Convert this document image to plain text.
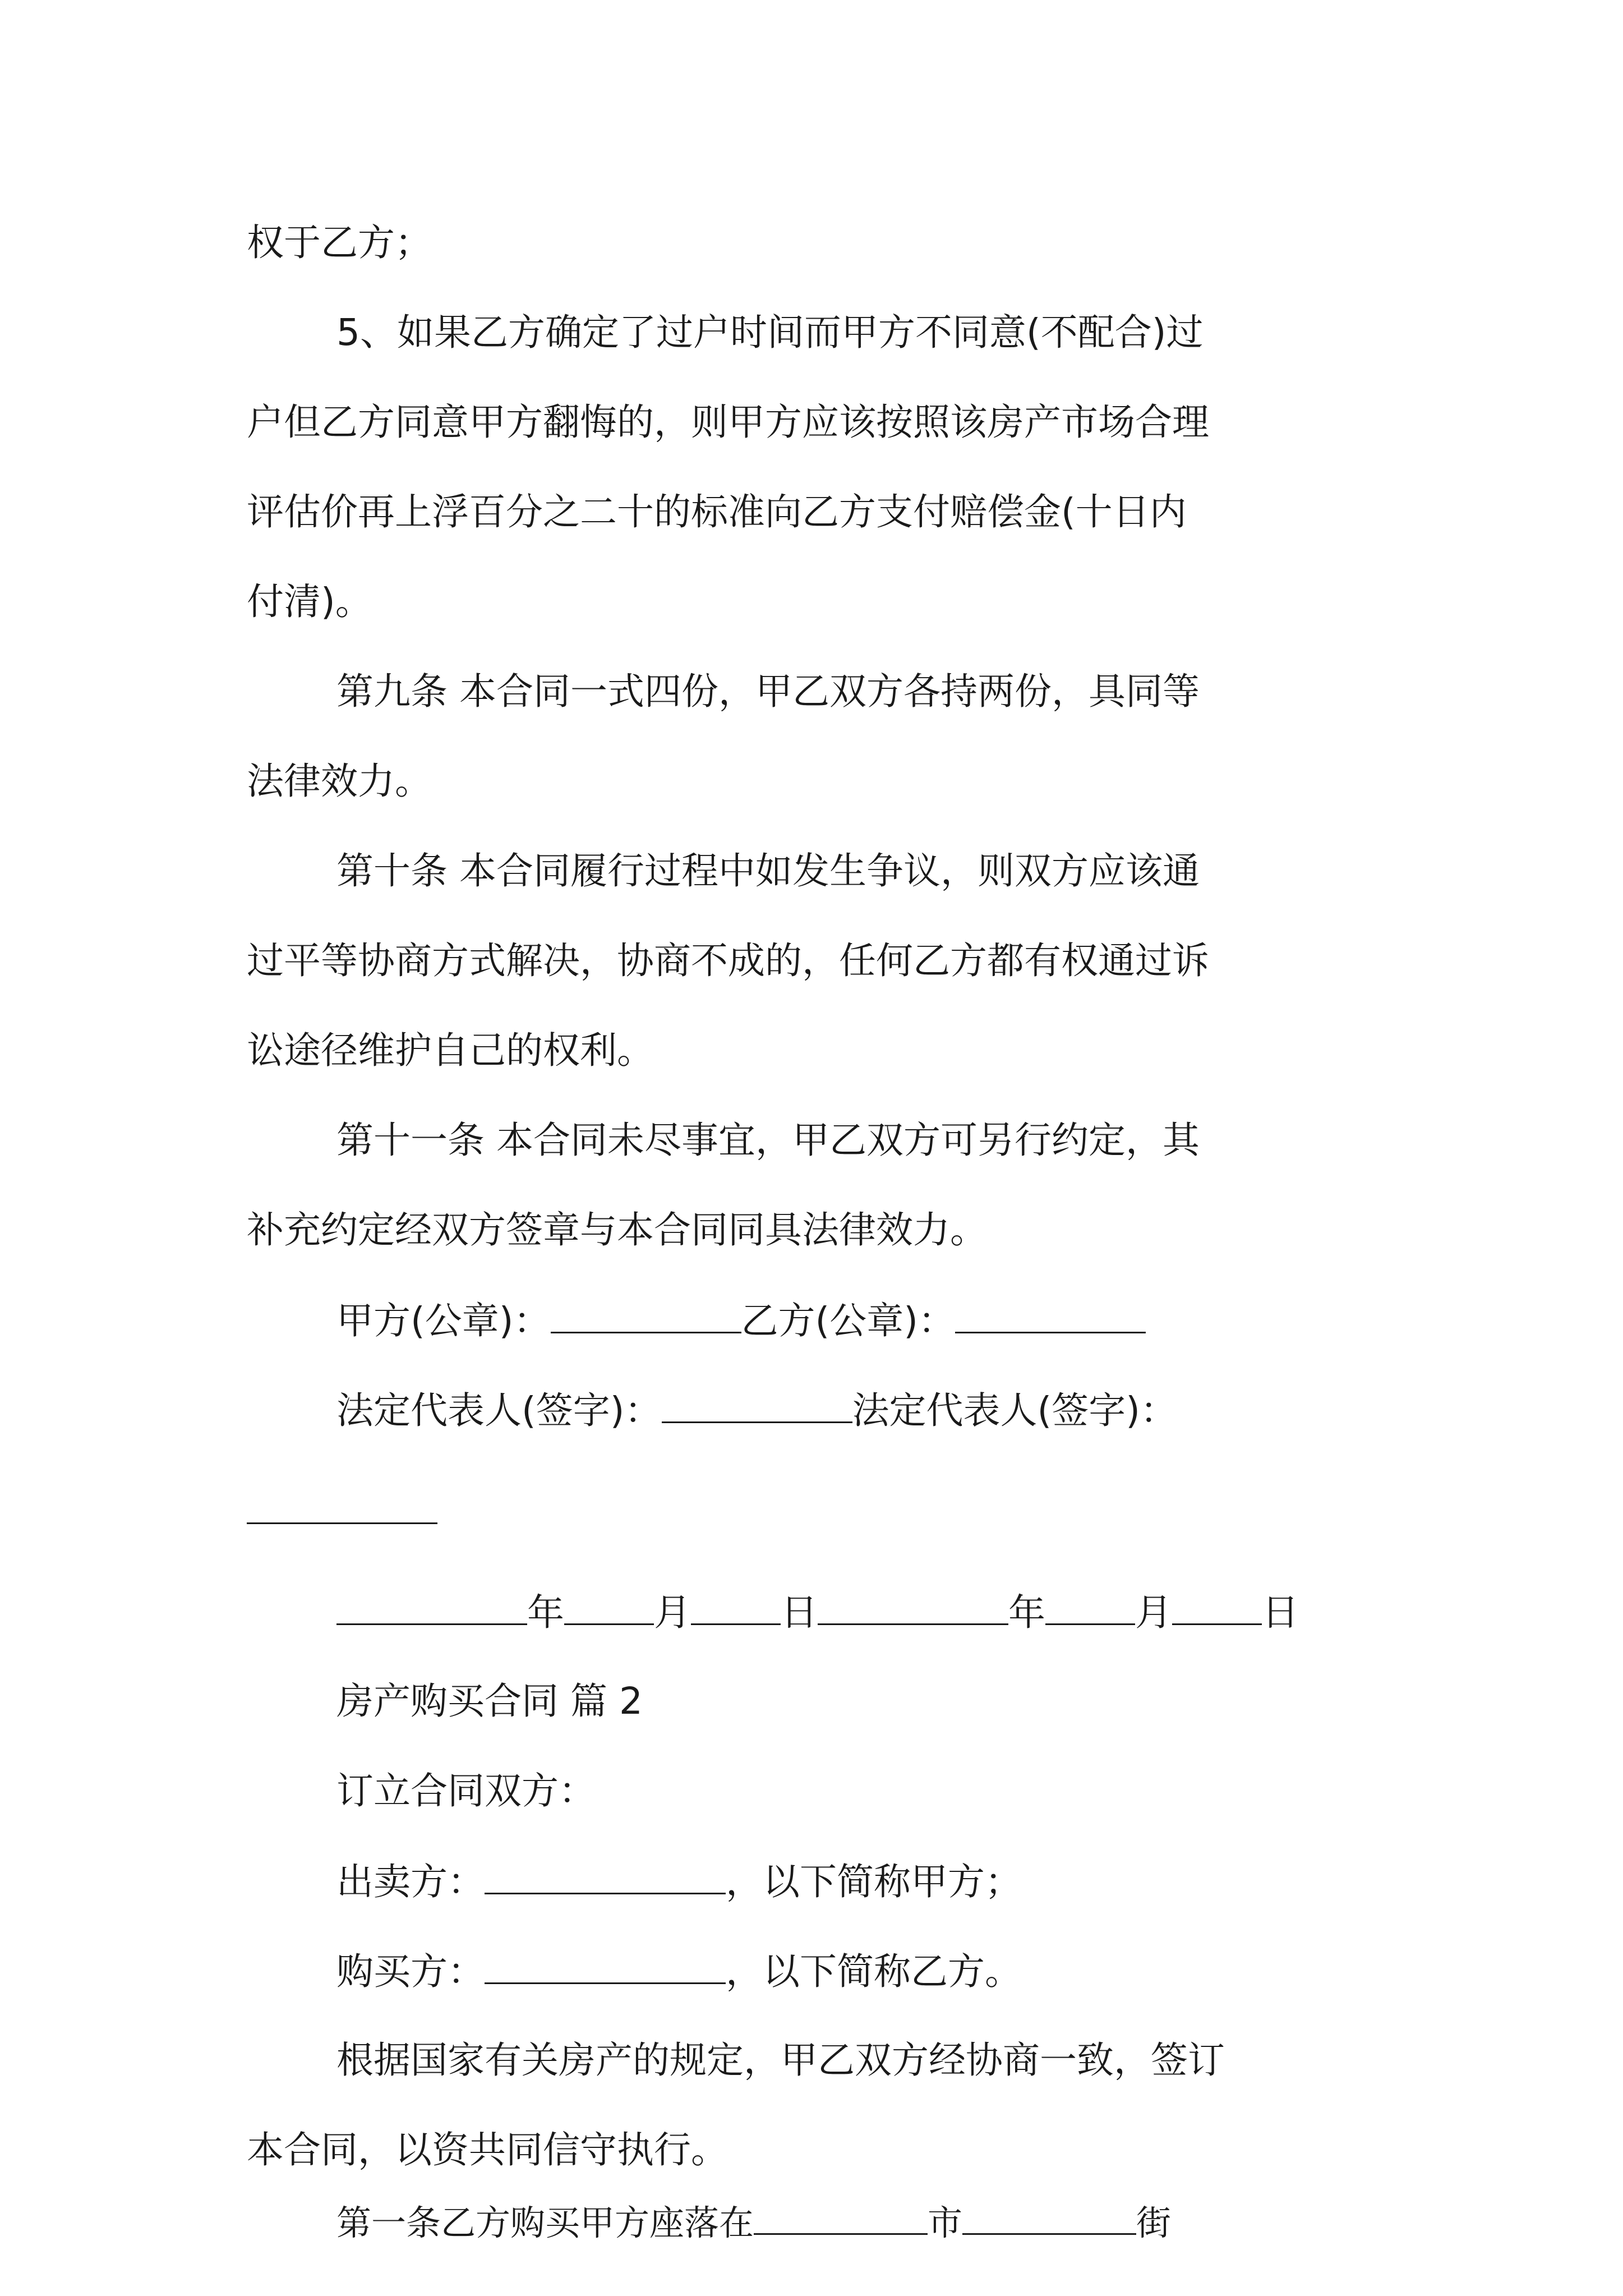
权于乙方；
5、如果乙方确定了过户时间而甲方不同意(不配合)过
户但乙方同意甲方翻悔的，则甲方应该按照该房产市场合理
评估价再上浮百分之二十的标准向乙方支付赔偿金(十日内
付清)。
第九条 本合同一式四份，甲乙双方各持两份，具同等
法律效力。
第十条 本合同履行过程中如发生争议，则双方应该通
过平等协商方式解决，协商不成的，任何乙方都有权通过诉
讼途径维护自己的权利。
第十一条 本合同未尽事宜，甲乙双方可另行约定，其
补充约定经双方签章与本合同同具法律效力。
甲方(公章)：	乙方(公章)：
法定代表人(签字)：	法定代表人(签字)：
年 月 日	年 月 日
房产购买合同 篇 2
订立合同双方：
出卖方：	，以下简称甲方；
购买方：	，以下简称乙方。
根据国家有关房产的规定，甲乙双方经协商一致，签订
本合同，以资共同信守执行。
第一条乙方购买甲方座落在	市	街
